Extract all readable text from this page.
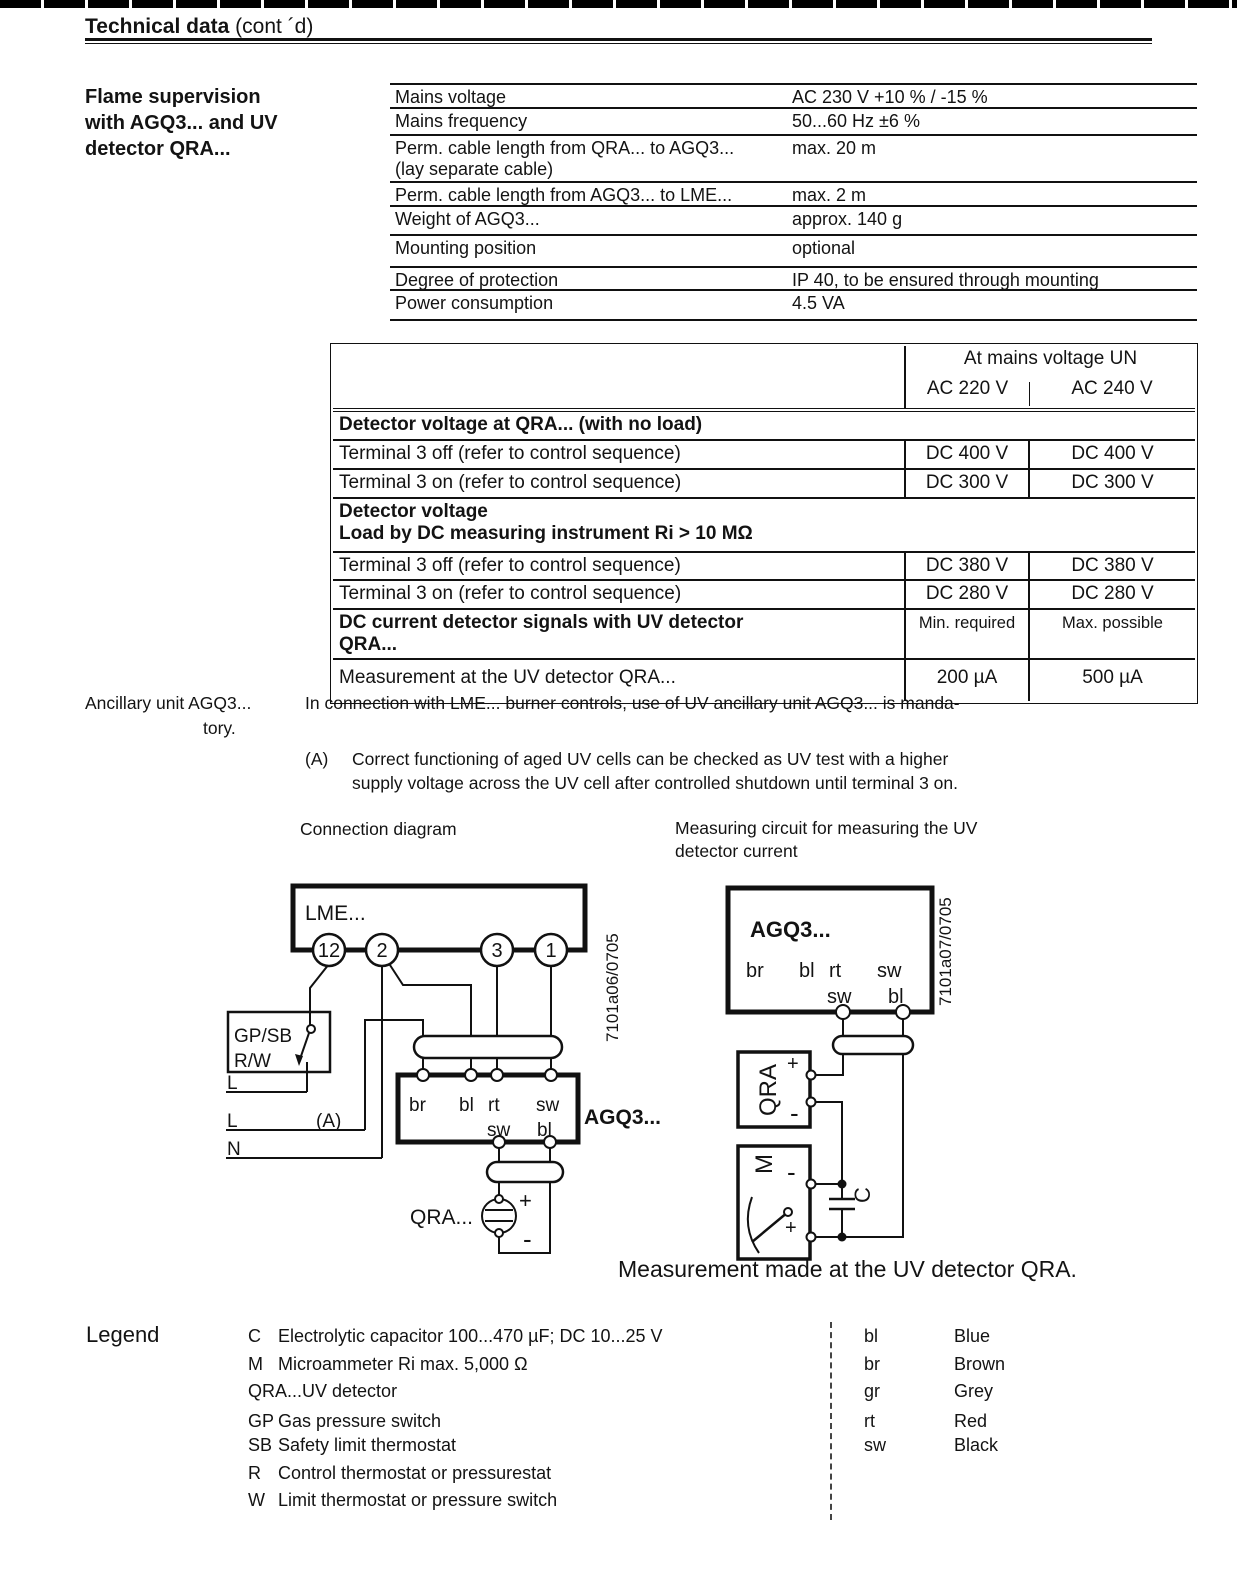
Technical data (cont ´d)
Flame supervision
with AGQ3... and UV
detector QRA...
Mains voltage	AC 230 V +10 % / -15 %
Mains frequency	50...60 Hz ±6 %
Perm. cable length from QRA... to AGQ3...
(lay separate cable)
max. 20 m
Perm. cable length from AGQ3... to LME...	max. 2 m
Weight of AGQ3...	approx. 140 g
Mounting position	optional
Degree of protection	IP 40, to be ensured through mounting
Power consumption	4.5 VA
	At mains voltage UN	
	AC 220 V	AC 240 V
Detector voltage at QRA... (with no load)		
Terminal 3 off (refer to control sequence)	DC 400 V	DC 400 V
Terminal 3 on (refer to control sequence)	DC 300 V	DC 300 V

Detector voltage
Load by DC measuring instrument Ri > 10 MΩ		

Terminal 3 off (refer to control sequence)	DC 380 V	DC 380 V
Terminal 3 on (refer to control sequence)	DC 280 V	DC 280 V

DC current detector signals with UV detector
QRA...	Min. required	Max. possible
Measurement at the UV detector QRA...	200 µA	500 µA
Ancillary unit AGQ3...
tory.
In connection with LME... burner controls, use of UV ancillary unit AGQ3... is manda-
(A) Correct functioning of aged UV cells can be checked as UV test with a higher
supply voltage across the UV cell after controlled shutdown until terminal 3 on.
Connection diagram	Measuring circuit for measuring the UV
detector current
12 2	3 1
LME...
7101a06/0705
GP/SB
R/W
L
L
N
(A)
br bl rt sw
sw bl
AGQ3...
+
-
QRA...
AGQ3...
br bl rt sw
sw bl 7101a07/0705
QRA +
-
M -
+
C
Measurement made at the UV detector QRA.
Legend	C Electrolytic capacitor 100...470 µF; DC 10...25 V
M Microammeter Ri max. 5,000 Ω
QRA...UV detector
GP Gas pressure switch
SB Safety limit thermostat
R Control thermostat or pressurestat
W Limit thermostat or pressure switch
bl	Blue
br	Brown
gr	Grey
rt	Red
sw	Black
